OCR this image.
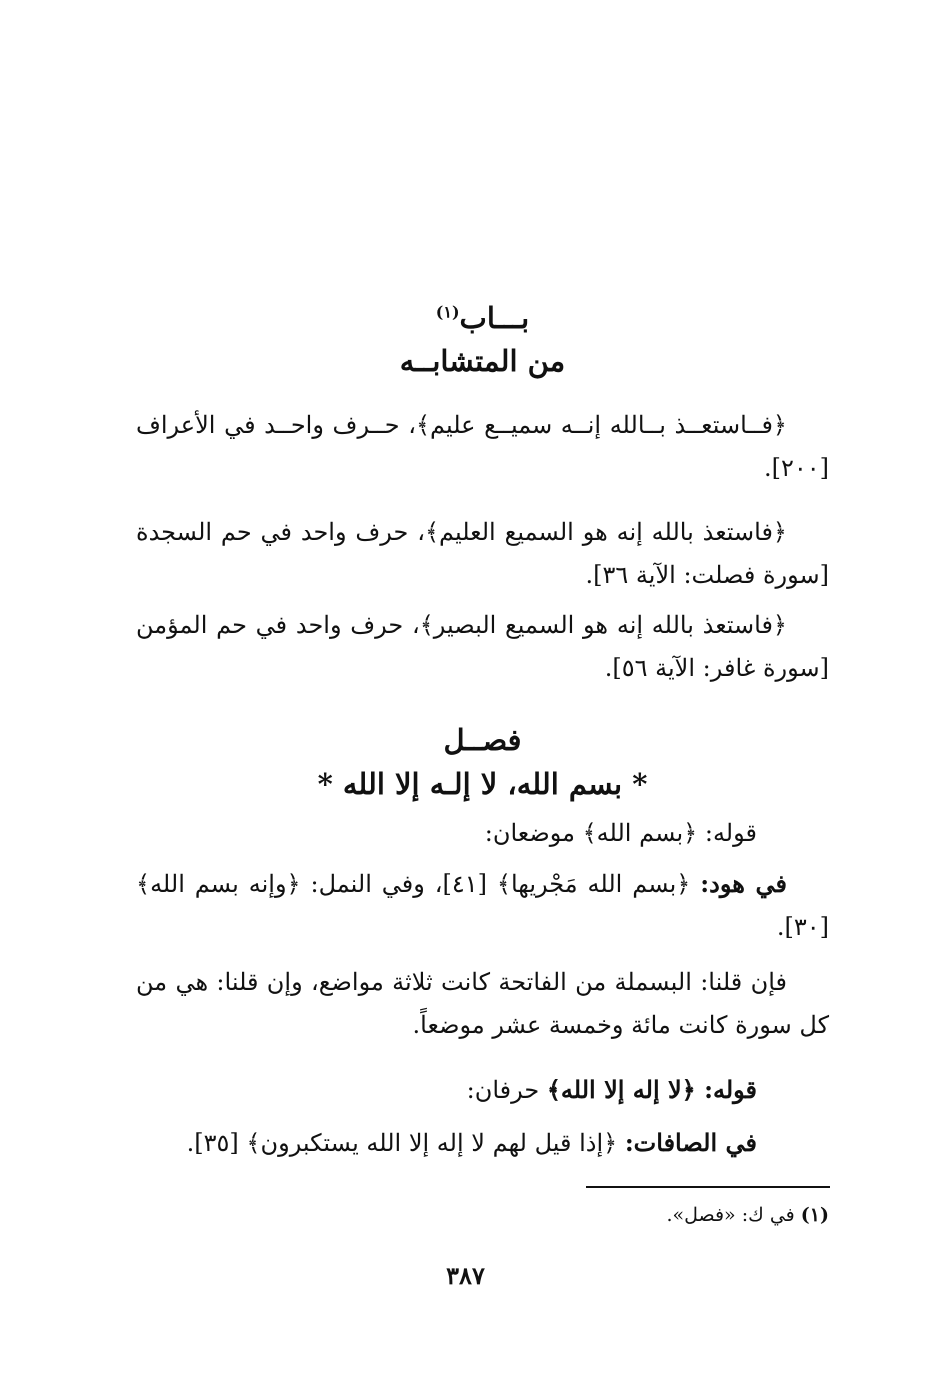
بـــاب$^{(١)}$
من المتشابــه

﴿فــاستعــذ بــالله إنــه سميــع عليم﴾، حــرف واحــد في الأعراف [٢٠٠].

﴿فاستعذ بالله إنه هو السميع العليم﴾، حرف واحد في حم السجدة [سورة فصلت: الآية ٣٦].

﴿فاستعذ بالله إنه هو السميع البصير﴾، حرف واحد في حم المؤمن [سورة غافر: الآية ٥٦].

فصــل
* بسم الله، لا إلـه إلا الله *

قوله: ﴿بسم الله﴾ موضعان:

في هود: ﴿بسم الله مَجْريها﴾ [٤١]، وفي النمل: ﴿وإنه بسم الله﴾ [٣٠].

فإن قلنا: البسملة من الفاتحة كانت ثلاثة مواضع، وإن قلنا: هي من كل سورة كانت مائة وخمسة عشر موضعاً.

قوله: ﴿لا إله إلا الله﴾ حرفان:

في الصافات: ﴿إذا قيل لهم لا إله إلا الله يستكبرون﴾ [٣٥].

(١) في ك: «فصل».

٣٨٧
